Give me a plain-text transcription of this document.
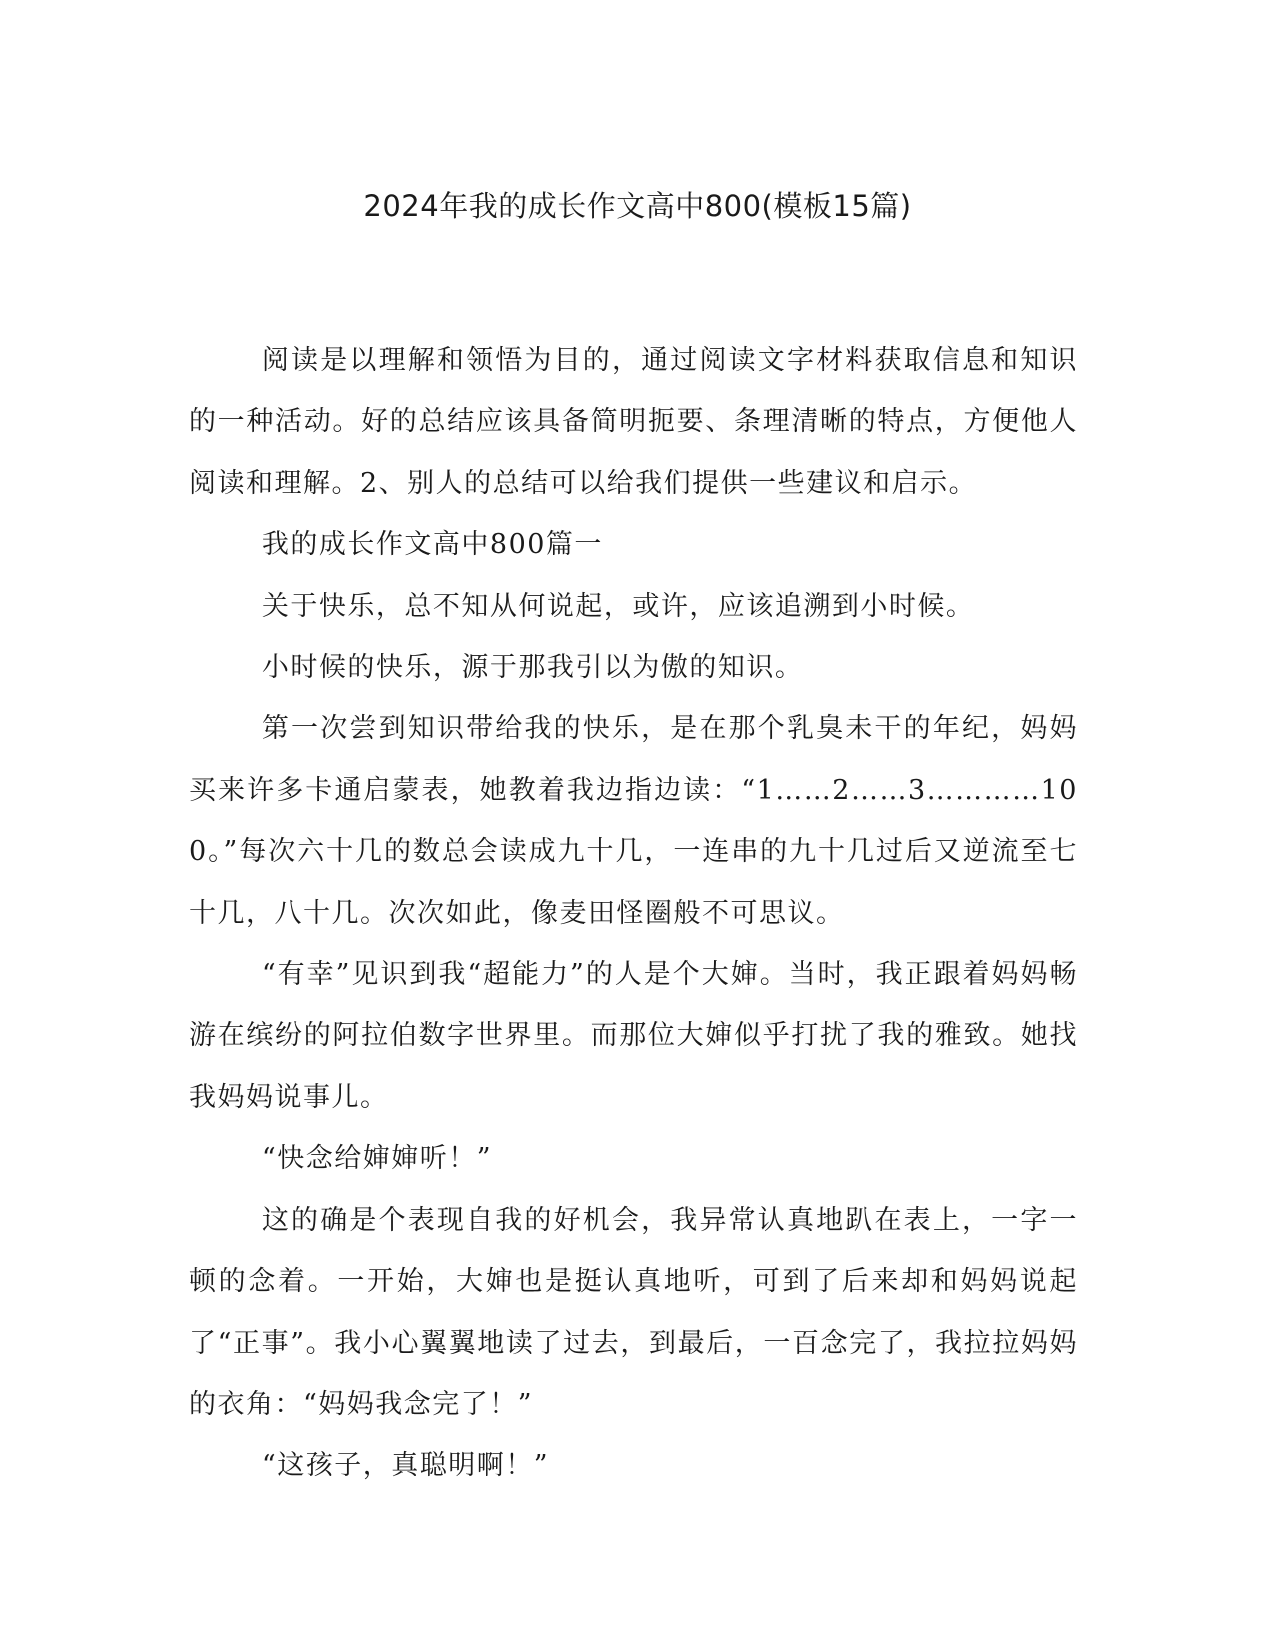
2024年我的成长作文高中800(模板15篇)

阅读是以理解和领悟为目的，通过阅读文字材料获取信息和知识的一种活动。好的总结应该具备简明扼要、条理清晰的特点，方便他人阅读和理解。2、别人的总结可以给我们提供一些建议和启示。

我的成长作文高中800篇一

关于快乐，总不知从何说起，或许，应该追溯到小时候。

小时候的快乐，源于那我引以为傲的知识。

第一次尝到知识带给我的快乐，是在那个乳臭未干的年纪，妈妈买来许多卡通启蒙表，她教着我边指边读：“1……2……3…………100。”每次六十几的数总会读成九十几，一连串的九十几过后又逆流至七十几，八十几。次次如此，像麦田怪圈般不可思议。

“有幸”见识到我“超能力”的人是个大婶。当时，我正跟着妈妈畅游在缤纷的阿拉伯数字世界里。而那位大婶似乎打扰了我的雅致。她找我妈妈说事儿。

“快念给婶婶听！”

这的确是个表现自我的好机会，我异常认真地趴在表上，一字一顿的念着。一开始，大婶也是挺认真地听，可到了后来却和妈妈说起了“正事”。我小心翼翼地读了过去，到最后，一百念完了，我拉拉妈妈的衣角：“妈妈我念完了！”

“这孩子，真聪明啊！”
